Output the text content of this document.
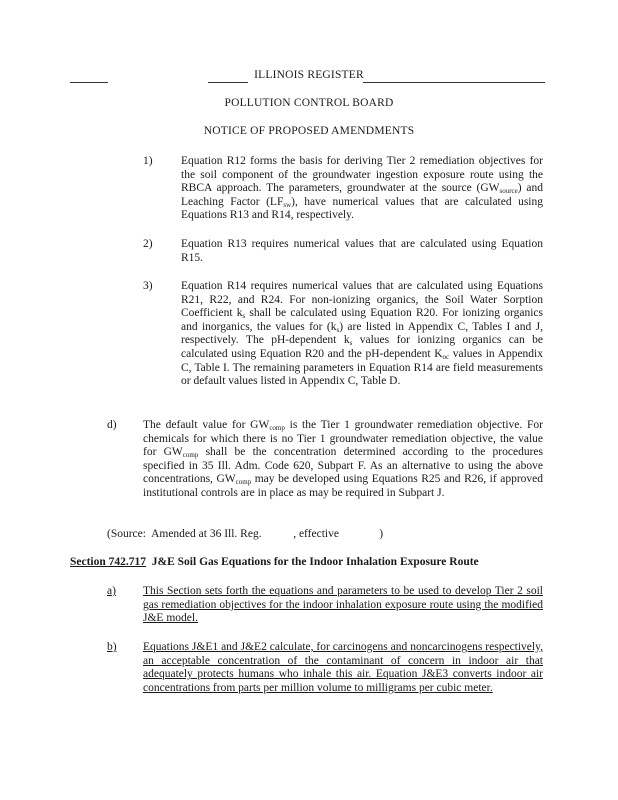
ILLINOIS REGISTER
POLLUTION CONTROL BOARD
NOTICE OF PROPOSED AMENDMENTS
1) Equation R12 forms the basis for deriving Tier 2 remediation objectives for the soil component of the groundwater ingestion exposure route using the RBCA approach. The parameters, groundwater at the source $(GW_{source})$ and Leaching Factor $(LF_{sw})$, have numerical values that are calculated using Equations R13 and R14, respectively.
2) Equation R13 requires numerical values that are calculated using Equation R15.
3) Equation R14 requires numerical values that are calculated using Equations R21, R22, and R24. For non-ionizing organics, the Soil Water Sorption Coefficient $k_s$ shall be calculated using Equation R20. For ionizing organics and inorganics, the values for $(k_s)$ are listed in Appendix C, Tables I and J, respectively. The pH-dependent $k_s$ values for ionizing organics can be calculated using Equation R20 and the pH-dependent $K_{oc}$ values in Appendix C, Table I. The remaining parameters in Equation R14 are field measurements or default values listed in Appendix C, Table D.
d) The default value for $GW_{comp}$ is the Tier 1 groundwater remediation objective. For chemicals for which there is no Tier 1 groundwater remediation objective, the value for $GW_{comp}$ shall be the concentration determined according to the procedures specified in 35 Ill. Adm. Code 620, Subpart F. As an alternative to using the above concentrations, $GW_{comp}$ may be developed using Equations R25 and R26, if approved institutional controls are in place as may be required in Subpart J.
(Source:  Amended at 36 Ill. Reg.           , effective              )
Section 742.717 J&E Soil Gas Equations for the Indoor Inhalation Exposure Route
a) This Section sets forth the equations and parameters to be used to develop Tier 2 soil gas remediation objectives for the indoor inhalation exposure route using the modified J&E model.
b) Equations J&E1 and J&E2 calculate, for carcinogens and noncarcinogens respectively, an acceptable concentration of the contaminant of concern in indoor air that adequately protects humans who inhale this air. Equation J&E3 converts indoor air concentrations from parts per million volume to milligrams per cubic meter.
